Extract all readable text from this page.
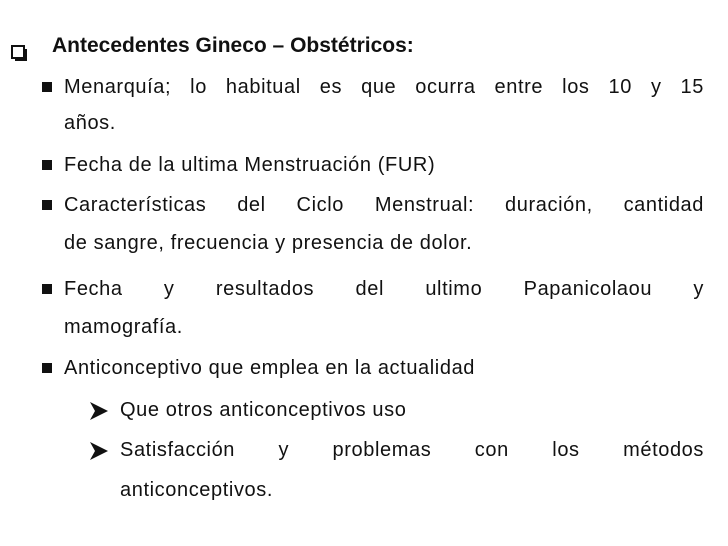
Antecedentes Gineco – Obstétricos:
Menarquía; lo habitual es que ocurra entre los 10 y 15
años.
Fecha de la ultima Menstruación (FUR)
Características del Ciclo Menstrual: duración, cantidad
de sangre, frecuencia y presencia de dolor.
Fecha y resultados del ultimo Papanicolaou y
mamografía.
Anticonceptivo que emplea en la actualidad
Que otros anticonceptivos uso
Satisfacción y problemas con los métodos
anticonceptivos.
